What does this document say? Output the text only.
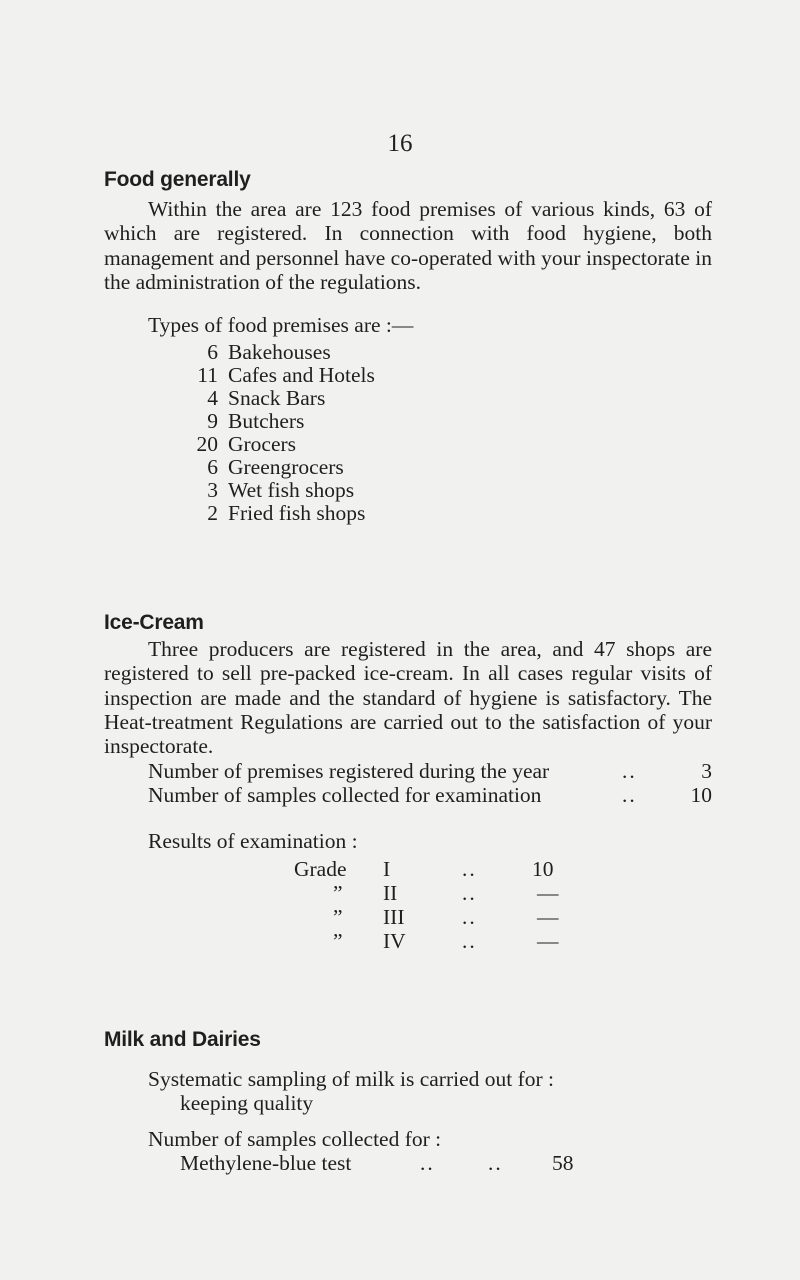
16
Food generally
Within the area are 123 food premises of various kinds, 63 of which are registered. In connection with food hygiene, both management and personnel have co-operated with your inspectorate in the administration of the regulations.
Types of food premises are :—
6 Bakehouses
11 Cafes and Hotels
4 Snack Bars
9 Butchers
20 Grocers
6 Greengrocers
3 Wet fish shops
2 Fried fish shops
Ice-Cream
Three producers are registered in the area, and 47 shops are registered to sell pre-packed ice-cream. In all cases regular visits of inspection are made and the standard of hygiene is satisfactory. The Heat-treatment Regulations are carried out to the satisfaction of your inspectorate.
Number of premises registered during the year	..	3
Number of samples collected for examination	..	10
Results of examination :
Grade I	..	10
” II	..	—
” III	..	—
” IV	..	—
Milk and Dairies
Systematic sampling of milk is carried out for :
keeping quality
Number of samples collected for :
Methylene-blue test	.. .. 58
